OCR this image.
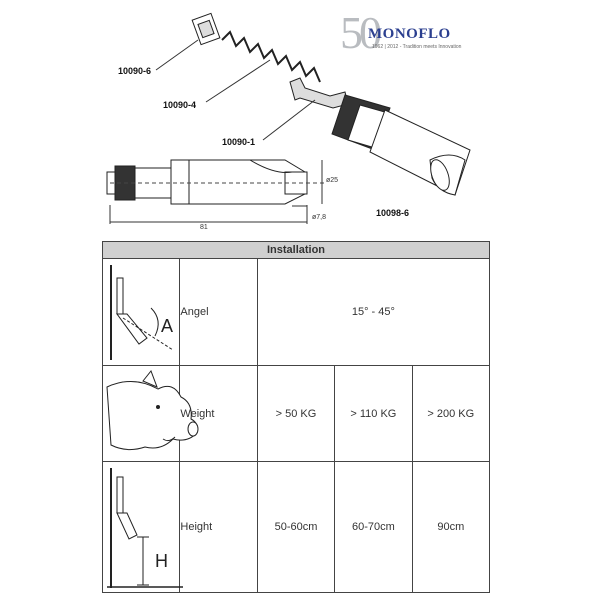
10090-6
10090-4
10090-1
10098-6
ø25
ø7,8
81
50
MONOFLO
1962 | 2012 - Tradition meets Innovation
Installation				

A	Angel	15° - 45°		

	Weight	> 50 KG	> 110 KG	> 200 KG

H	Height	50-60cm	60-70cm	90cm
